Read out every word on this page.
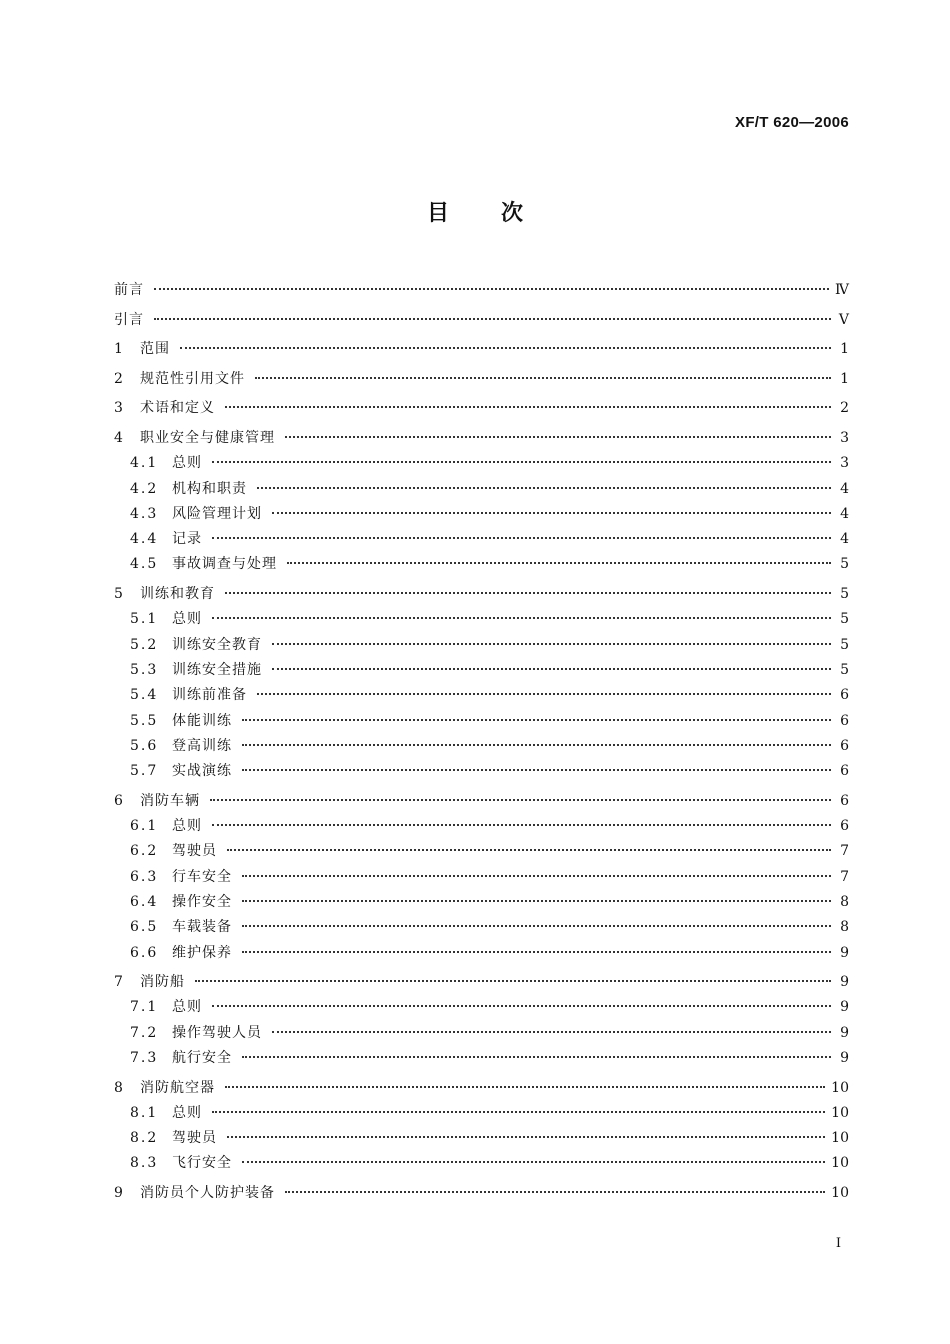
XF/T 620—2006
目次
前言	Ⅳ
引言	Ⅴ
1	范围	1
2	规范性引用文件	1
3	术语和定义	2
4	职业安全与健康管理	3
4.1 总则	3
4.2 机构和职责	4
4.3 风险管理计划	4
4.4 记录	4
4.5 事故调查与处理	5
5	训练和教育	5
5.1 总则	5
5.2 训练安全教育	5
5.3 训练安全措施	5
5.4 训练前准备	6
5.5 体能训练	6
5.6 登高训练	6
5.7 实战演练	6
6	消防车辆	6
6.1 总则	6
6.2 驾驶员	7
6.3 行车安全	7
6.4 操作安全	8
6.5 车载装备	8
6.6 维护保养	9
7	消防船	9
7.1 总则	9
7.2 操作驾驶人员	9
7.3 航行安全	9
8	消防航空器	10
8.1 总则	10
8.2 驾驶员	10
8.3 飞行安全	10
9	消防员个人防护装备	10
I
